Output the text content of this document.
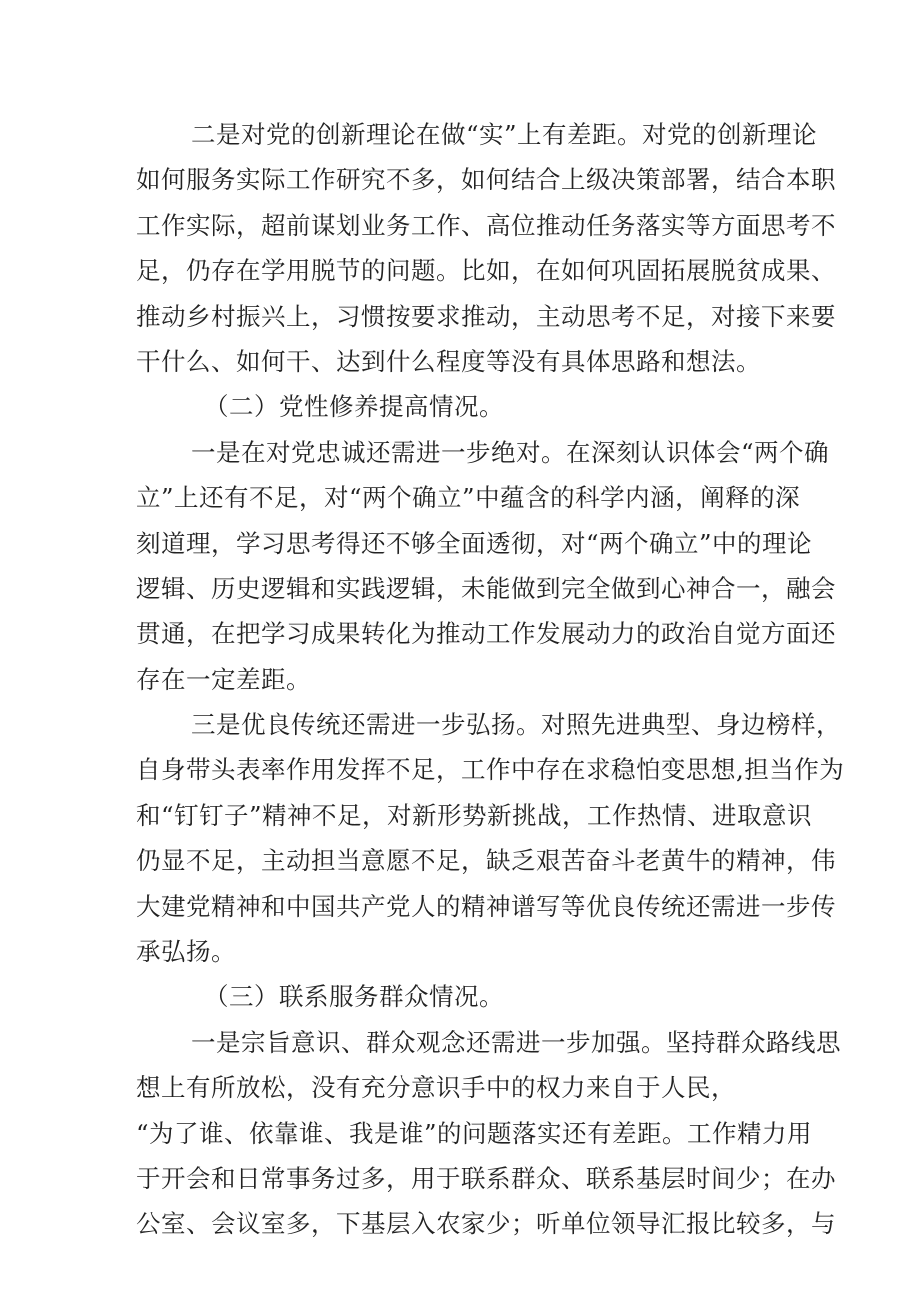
二是对党的创新理论在做“实”上有差距。对党的创新理论
如何服务实际工作研究不多，如何结合上级决策部署，结合本职
工作实际，超前谋划业务工作、高位推动任务落实等方面思考不
足，仍存在学用脱节的问题。比如，在如何巩固拓展脱贫成果、
推动乡村振兴上，习惯按要求推动，主动思考不足，对接下来要
干什么、如何干、达到什么程度等没有具体思路和想法。
（二）党性修养提高情况。
一是在对党忠诚还需进一步绝对。在深刻认识体会“两个确
立”上还有不足，对“两个确立”中蕴含的科学内涵，阐释的深
刻道理，学习思考得还不够全面透彻，对“两个确立”中的理论
逻辑、历史逻辑和实践逻辑，未能做到完全做到心神合一，融会
贯通，在把学习成果转化为推动工作发展动力的政治自觉方面还
存在一定差距。
三是优良传统还需进一步弘扬。对照先进典型、身边榜样，
自身带头表率作用发挥不足，工作中存在求稳怕变思想,担当作为
和“钉钉子”精神不足，对新形势新挑战，工作热情、进取意识
仍显不足，主动担当意愿不足，缺乏艰苦奋斗老黄牛的精神，伟
大建党精神和中国共产党人的精神谱写等优良传统还需进一步传
承弘扬。
（三）联系服务群众情况。
一是宗旨意识、群众观念还需进一步加强。坚持群众路线思
想上有所放松，没有充分意识手中的权力来自于人民，
“为了谁、依靠谁、我是谁”的问题落实还有差距。工作精力用
于开会和日常事务过多，用于联系群众、联系基层时间少；在办
公室、会议室多，下基层入农家少；听单位领导汇报比较多，与
